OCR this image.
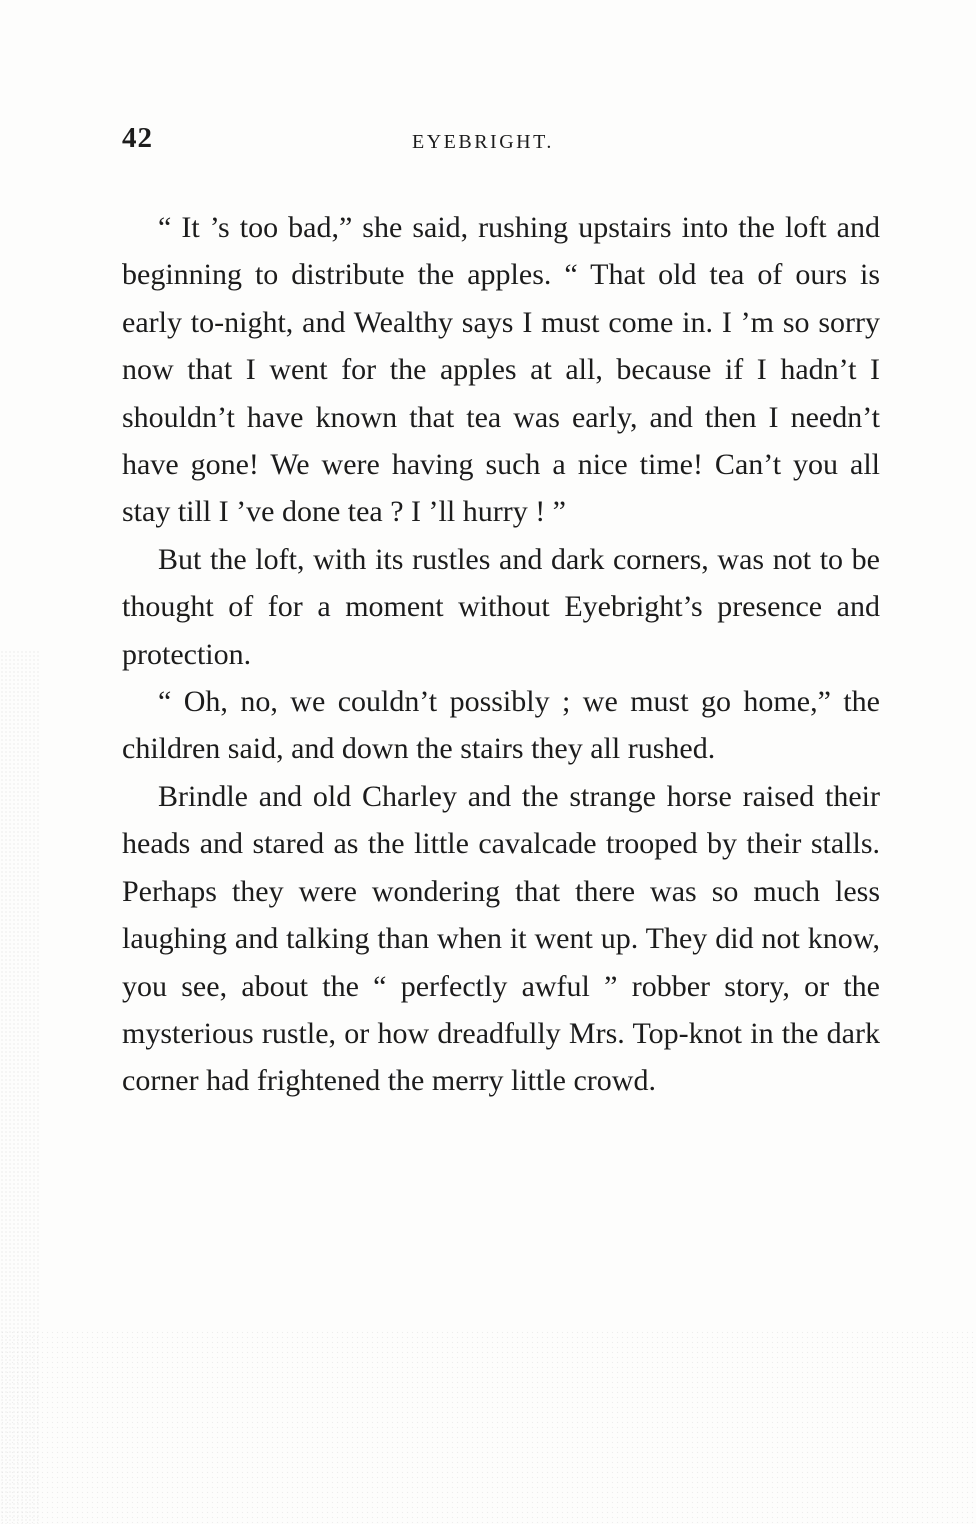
42	EYEBRIGHT.

“ It ’s too bad,” she said, rushing upstairs into the loft and beginning to distribute the apples. “ That old tea of ours is early to-night, and Wealthy says I must come in. I ’m so sorry now that I went for the apples at all, because if I hadn’t I shouldn’t have known that tea was early, and then I needn’t have gone! We were having such a nice time! Can’t you all stay till I ’ve done tea ? I ’ll hurry ! ”

But the loft, with its rustles and dark corners, was not to be thought of for a moment without Eyebright’s presence and protection.

“ Oh, no, we couldn’t possibly ; we must go home,” the children said, and down the stairs they all rushed.

Brindle and old Charley and the strange horse raised their heads and stared as the little cavalcade trooped by their stalls. Perhaps they were wondering that there was so much less laughing and talking than when it went up. They did not know, you see, about the “ perfectly awful ” robber story, or the mysterious rustle, or how dreadfully Mrs. Top-knot in the dark corner had frightened the merry little crowd.
